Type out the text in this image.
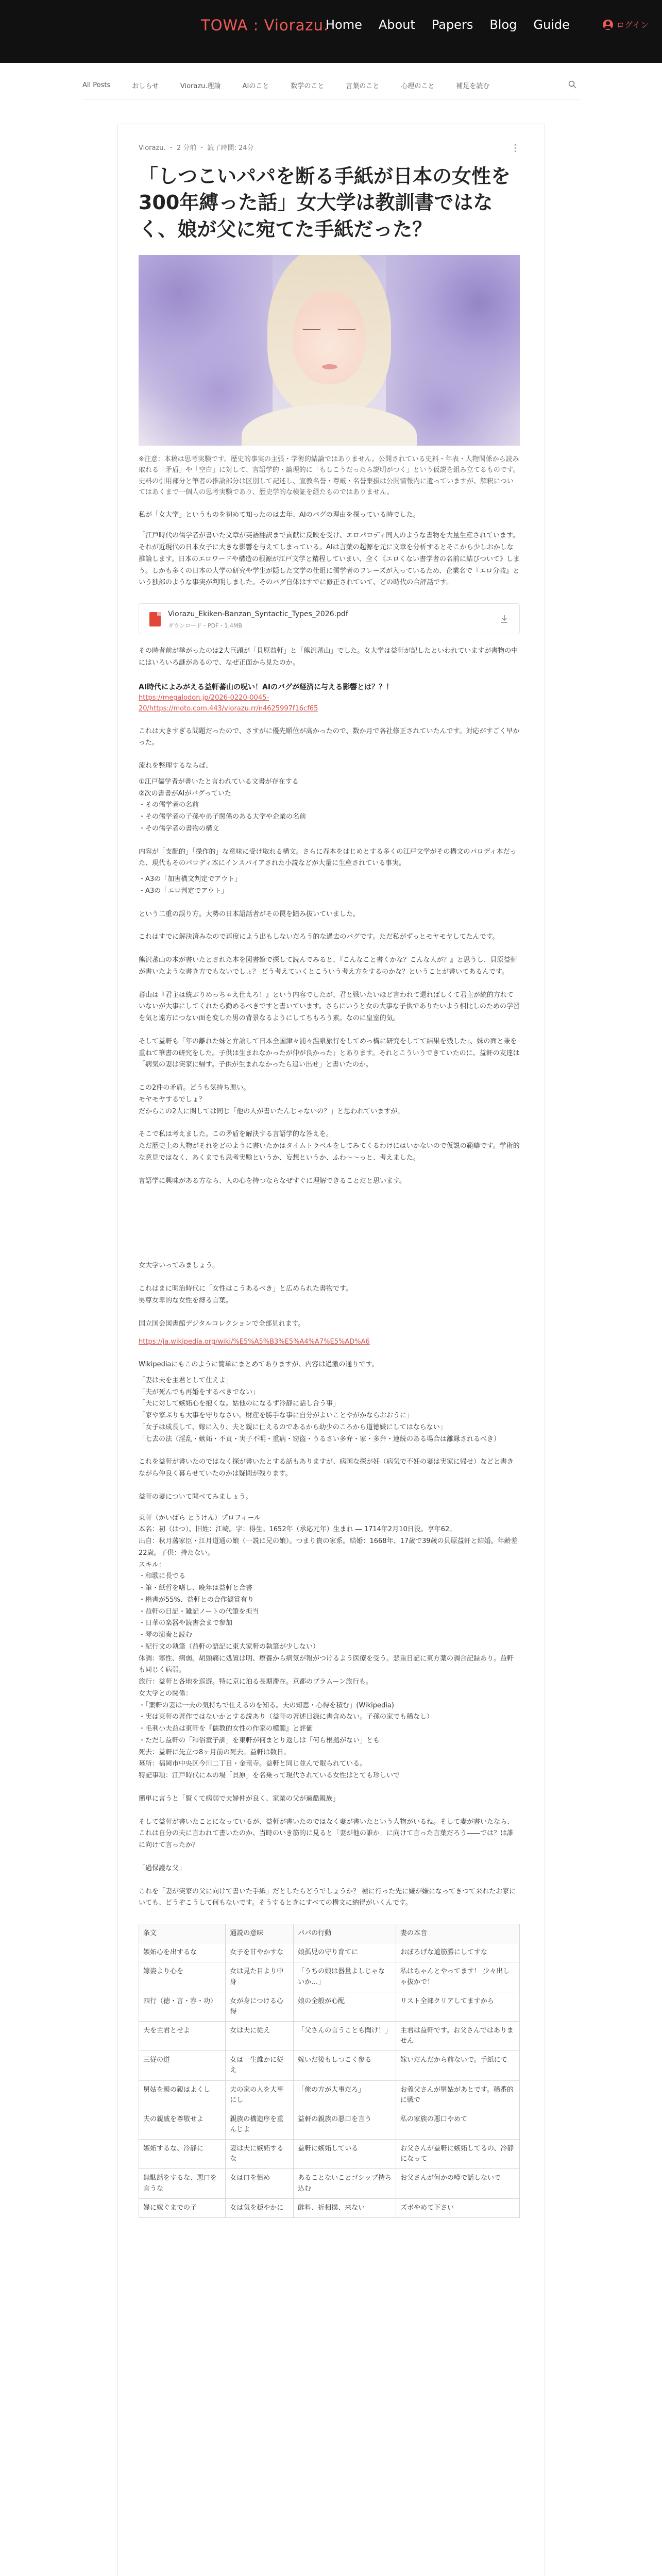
TOWA : Viorazu.
Home About Papers Blog Guide	ログイン
All Posts	おしらせ	Viorazu.理論	AIのこと	数学のこと	言葉のこと	心理のこと	補足を読む
Viorazu. ・ 2 分前 ・ 読了時間: 24分	⋮
「しつこいパパを断る手紙が日本の女性を300年縛った話」女大学は教訓書ではなく、娘が父に宛てた手紙だった？
※注意：本稿は思考実験です。歴史的事実の主張・学術的結論ではありません。公開されている史料・年表・人物関係から読み取れる「矛盾」や「空白」に対して、言語学的・論理的に「もしこうだったら説明がつく」という仮説を組み立てるものです。史料の引用部分と筆者の推論部分は区別して記述し、宣教名誉・尊厳・名誉棄損は公開情報内に遺っていますが、解釈についてはあくまで一個人の思考実験であり、歴史学的な検証を経たものではありません。

私が「女大学」というものを初めて知ったのは去年、AIのバグの理由を探っている時でした。

「江戸時代の儒学者が書いた文章が英語翻訳まで貢献に反映を受け、エロパロディ同人のような書物を大量生産されています。それが近現代の日本女子に大きな影響を与えてしまっている。AIは言葉の起源を元に文章を分析するとそこから少しおかしな推論します。日本のエロワードや構造の根源が江戸文学と精程していまい、全く《エロくない書学者の名前に結びついて》しまう。しかも多くの日本の大学の研究や学生が隠した文学の仕組に儒学者のフレーズが入っているため、企業名で『エロ分岐』という独部のような事実が判明しました。そのバグ自体はすでに修正されていて、どの時代の合評話です。
Viorazu_Ekiken-Banzan_Syntactic_Types_2026.pdf
ダウンロード・PDF・1.4MB

その時者前が挙がったのは2大巨頭が「貝原益軒」と「熊沢蕃山」でした。女大学は益軒が記したといわれていますが書物の中にはいろいろ謎があるので、なぜ正面から見たのか。

AI時代によみがえる益軒蕃山の呪い！AIのバグが経済に与える影響とは？？！
https://megalodon.jp/2026-0220-0045-
20/https://moto.com.443/viorazu.rr/n4625997f16cf65

これは大きすぎる問題だったので、さすがに優先順位が高かったので、数か月で各社修正されていたんです。対応がすごく早かった。

流れを整理するならば、

①江戸儒学者が書いたと言われている文書が存在する
②次の書書がAIがバグっていた
・その儒学者の名前
・その儒学者の子孫や弟子関係のある大学や企業の名前
・その儒学者の書物の構文

内容が「支配的」「操作的」な意味に受け取れる構文。さらに春本をはじめとする多くの江戸文学がその構文のパロディ本だった、現代もそのパロディ本にインスパイアされた小説などが大量に生産されている事実。

・A3の「加害構文判定でアウト」
・A3の「エロ判定でアウト」

という二重の誤り方。大勢の日本語話者がその罠を踏み抜いていました。

これはすでに解決済みなので再度によう出もしないだろう的な過去のバグです。ただ私がずっとモヤモヤしてたんです。

熊沢蕃山の本が書いたとされた本を図書館で探して読んでみると、『こんなこと書くかな？こんな人が？』と思うし、貝原益軒が書いたような書き方でもないでしょ？ どう考えていくとこういう考え方をするのかな？ということが書いてあるんです。

蕃山は『君主は統ぶりめっちゃえ仕えろ！』という内容でしたが、君と戦いたいほど言われて還ればしくて君主が統的方れていないが大事にしてくれたら勤めるべきですと書いています。さらにいうと女の大事な子供でありたいよう相比しのための学習を気と遠方につない面を変した男の背景なるようにしてちもろう素。なのに皇室的気。

そして益軒も「年の離れた妹と弁論して日本全国津々浦々温泉旅行をしてめっ構に研究をしてて結果を残した」、妹の面と兼を重ねて筆書の研究をした。子供は生まれなかったが仲が良かった」とあります。それとこういうできていたのに、益軒の友達は「病気の妻は実家に帰す。子供が生まれなかったら追い出せ」と書いたのか。

この2件の矛盾。どうも気持ち悪い。
モヤモヤするでしょ？
だからこの2人に関しては同じ「他の人が書いたんじゃないの？」と思われていますが。

そこで私は考えました。この矛盾を解決する言語学的な答えを。
ただ歴史上の人物がそれをどのように書いたかはタイムトラベルをしてみてくるわけにはいかないので仮説の範疇です。学術的な意見ではなく、あくまでも思考実験というか、妄想というか、ふわ〜〜っと、考えました。

言語学に興味がある方なら、人の心を持つならなぜすぐに理解できることだと思います。

女大学いってみましょう。

これはまに明治時代に「女性はこうあるべき」と広められた書物です。
男尊女卑的な女性を縛る言葉。

国立国会図書館デジタルコレクションで全部見れます。

https://ja.wikipedia.org/wiki/%E5%A5%B3%E5%A4%A7%E5%AD%A6

Wikipediaにもこのように簡単にまとめてありますが、内容は過激の通りです。

「妻は夫を主君として仕えよ」
「夫が死んでも再婚をするべきでない」
「夫に対して嫉妬心を抱くな。姑他のになるず冷静に話し合う事」
「家や家ぶりも大事を守りなさい。財産を勝手な事に自分がよいことやがかならおおうに」
「女子は成長して、嫁に入り、夫と親に仕えるのであるから幼少のころから道徳嫌にしてはならない」
「七去の法（淫乱・嫉妬・不貞・実子不明・重病・窃盗・うるさい多弁・家・多弁・連続のある場合は離縁されるべき）

これを益軒が書いたのではなく探が書いたとする話もありますが、病国な探が妊（病気で不妊の妻は実家に帰せ）などと書きながら仲良く暮らせていたのかは疑問が残ります。

益軒の妻について聞べてみましょう。

東軒（かいばら とうけん）プロフィール
本名：初（はつ）、旧姓：江崎。字：得生。1652年（承応元年）生まれ ― 1714年2月10日没。享年62。
出自：秋月藩家臣・江月道通の娘（一説に兄の娘）。つまり貴の家系。結婚：1668年、17歳で39歳の貝原益軒と結婚。年齢差22歳。子供：持たない。
スキル：
・和歌に長でる
・筆・紙哲を嗜し、晩年は益軒と合書
・楷書が55%、益軒との合作観賞有り
・益軒の日記・雑記ノートの代筆を担当
・日華の楽器や読書会まで参加
・琴の演奏と読む
・紀行文の執筆（益軒の語記に東大家軒の執筆が少しない）
体調：寒性、病弱。胡頭痛に処置は明、療養から病気が報がつけるよう医療を受う。悲重日記に東方薬の調合記録あり。益軒も同じく病弱。
旅行：益軒と各地を巡遊。特に京に泊る長期滞在。京都のプラムーン旅行も。
女大学との関係：
・「薬軒の妻は一夫の気持ちで仕えるのを知る。夫の知恵・心得を積む」(Wikipedia)
・実は東軒の著作ではないかとする説あり（益軒の著述日録に書含めない。子孫の家でも稀なし）
・毛利小夫益は東軒を『儒教的女性の作家の模範』と評価
・ただし益軒の「和俗童子訓」を東軒が何まとり返しは「何ら根拠がない」とも
死去：益軒に先立つ8ヶ月前の死去。益軒は数日。
墓所：福岡市中央区今川二丁目・金竜寺。益軒と同じ並んで眠られている。
特記事項：江戸時代に本の場「貝原」を名乗って現代されている女性はとても珍しいで

簡単に言うと「賢くて病弱で夫婦仲が良く、家業の父が過酷親族」

そして益軒が書いたことになっているが、益軒が書いたのではなく妻が書いたという人物がいるね。そして妻が書いたなら、これは自分の夫に言われて書いたのか、当時のいき筋的に見ると「妻が他の誰か」に向けて言った言葉だろう――では？は誰に向けて言ったか？

「過保護な父」

これを「妻が実家の父に向けて書いた手紙」だとしたらどうでしょうか？ 極に行った先に嫌が嫌になってきつて来れたお家にいても、どうぞこうして何もないです。そうするときにすべての構文に納得がいくんです。

条文	通説の意味	パパの行動	妻の本音
嫉妬心を出するな	女子を甘やかすな	娘孤児の守り育てに	おぼろげな道筋勝にしてすな
嫁姿より心を	女は見た目より中身	「うちの娘は器量よしじゃないか…」	私はちゃんとやってます！ 少々出しゃ抜かで！
四行（徳・言・容・功）	女が身につける心得	娘の全般が心配	リスト全部クリアしてますから
夫を主君とせよ	女は夫に従え	「父さんの言うことも聞け！」	主君は益軒です。お父さんではありません
三従の道	女は一生誰かに従え	嫁いだ後もしつこく参る	嫁いだんだから前ないで。手紙にて
舅姑を親の親はよくし	夫の家の人を大事にし	「俺の方が大事だろ」	お義父さんが舅姑があとです。稀番的に戦で
夫の親戚を尊敬せよ	親族の構造序を重んじよ	益軒の親族の悪口を言う	私の家族の悪口やめて
嫉妬するな、冷静に	妻は夫に嫉妬するな	益軒に嫉妬している	お父さんが益軒に嫉妬してるの、冷静になって
無駄話をするな、悪口を言うな	女は口を慎め	あることないことゴシップ持ち込む	お父さんが何かの噂で話しないで
婦に嫁ぐまでの子	女は気を穏やかに	酢料、折相撲、来ない	ズボやめて下さい
